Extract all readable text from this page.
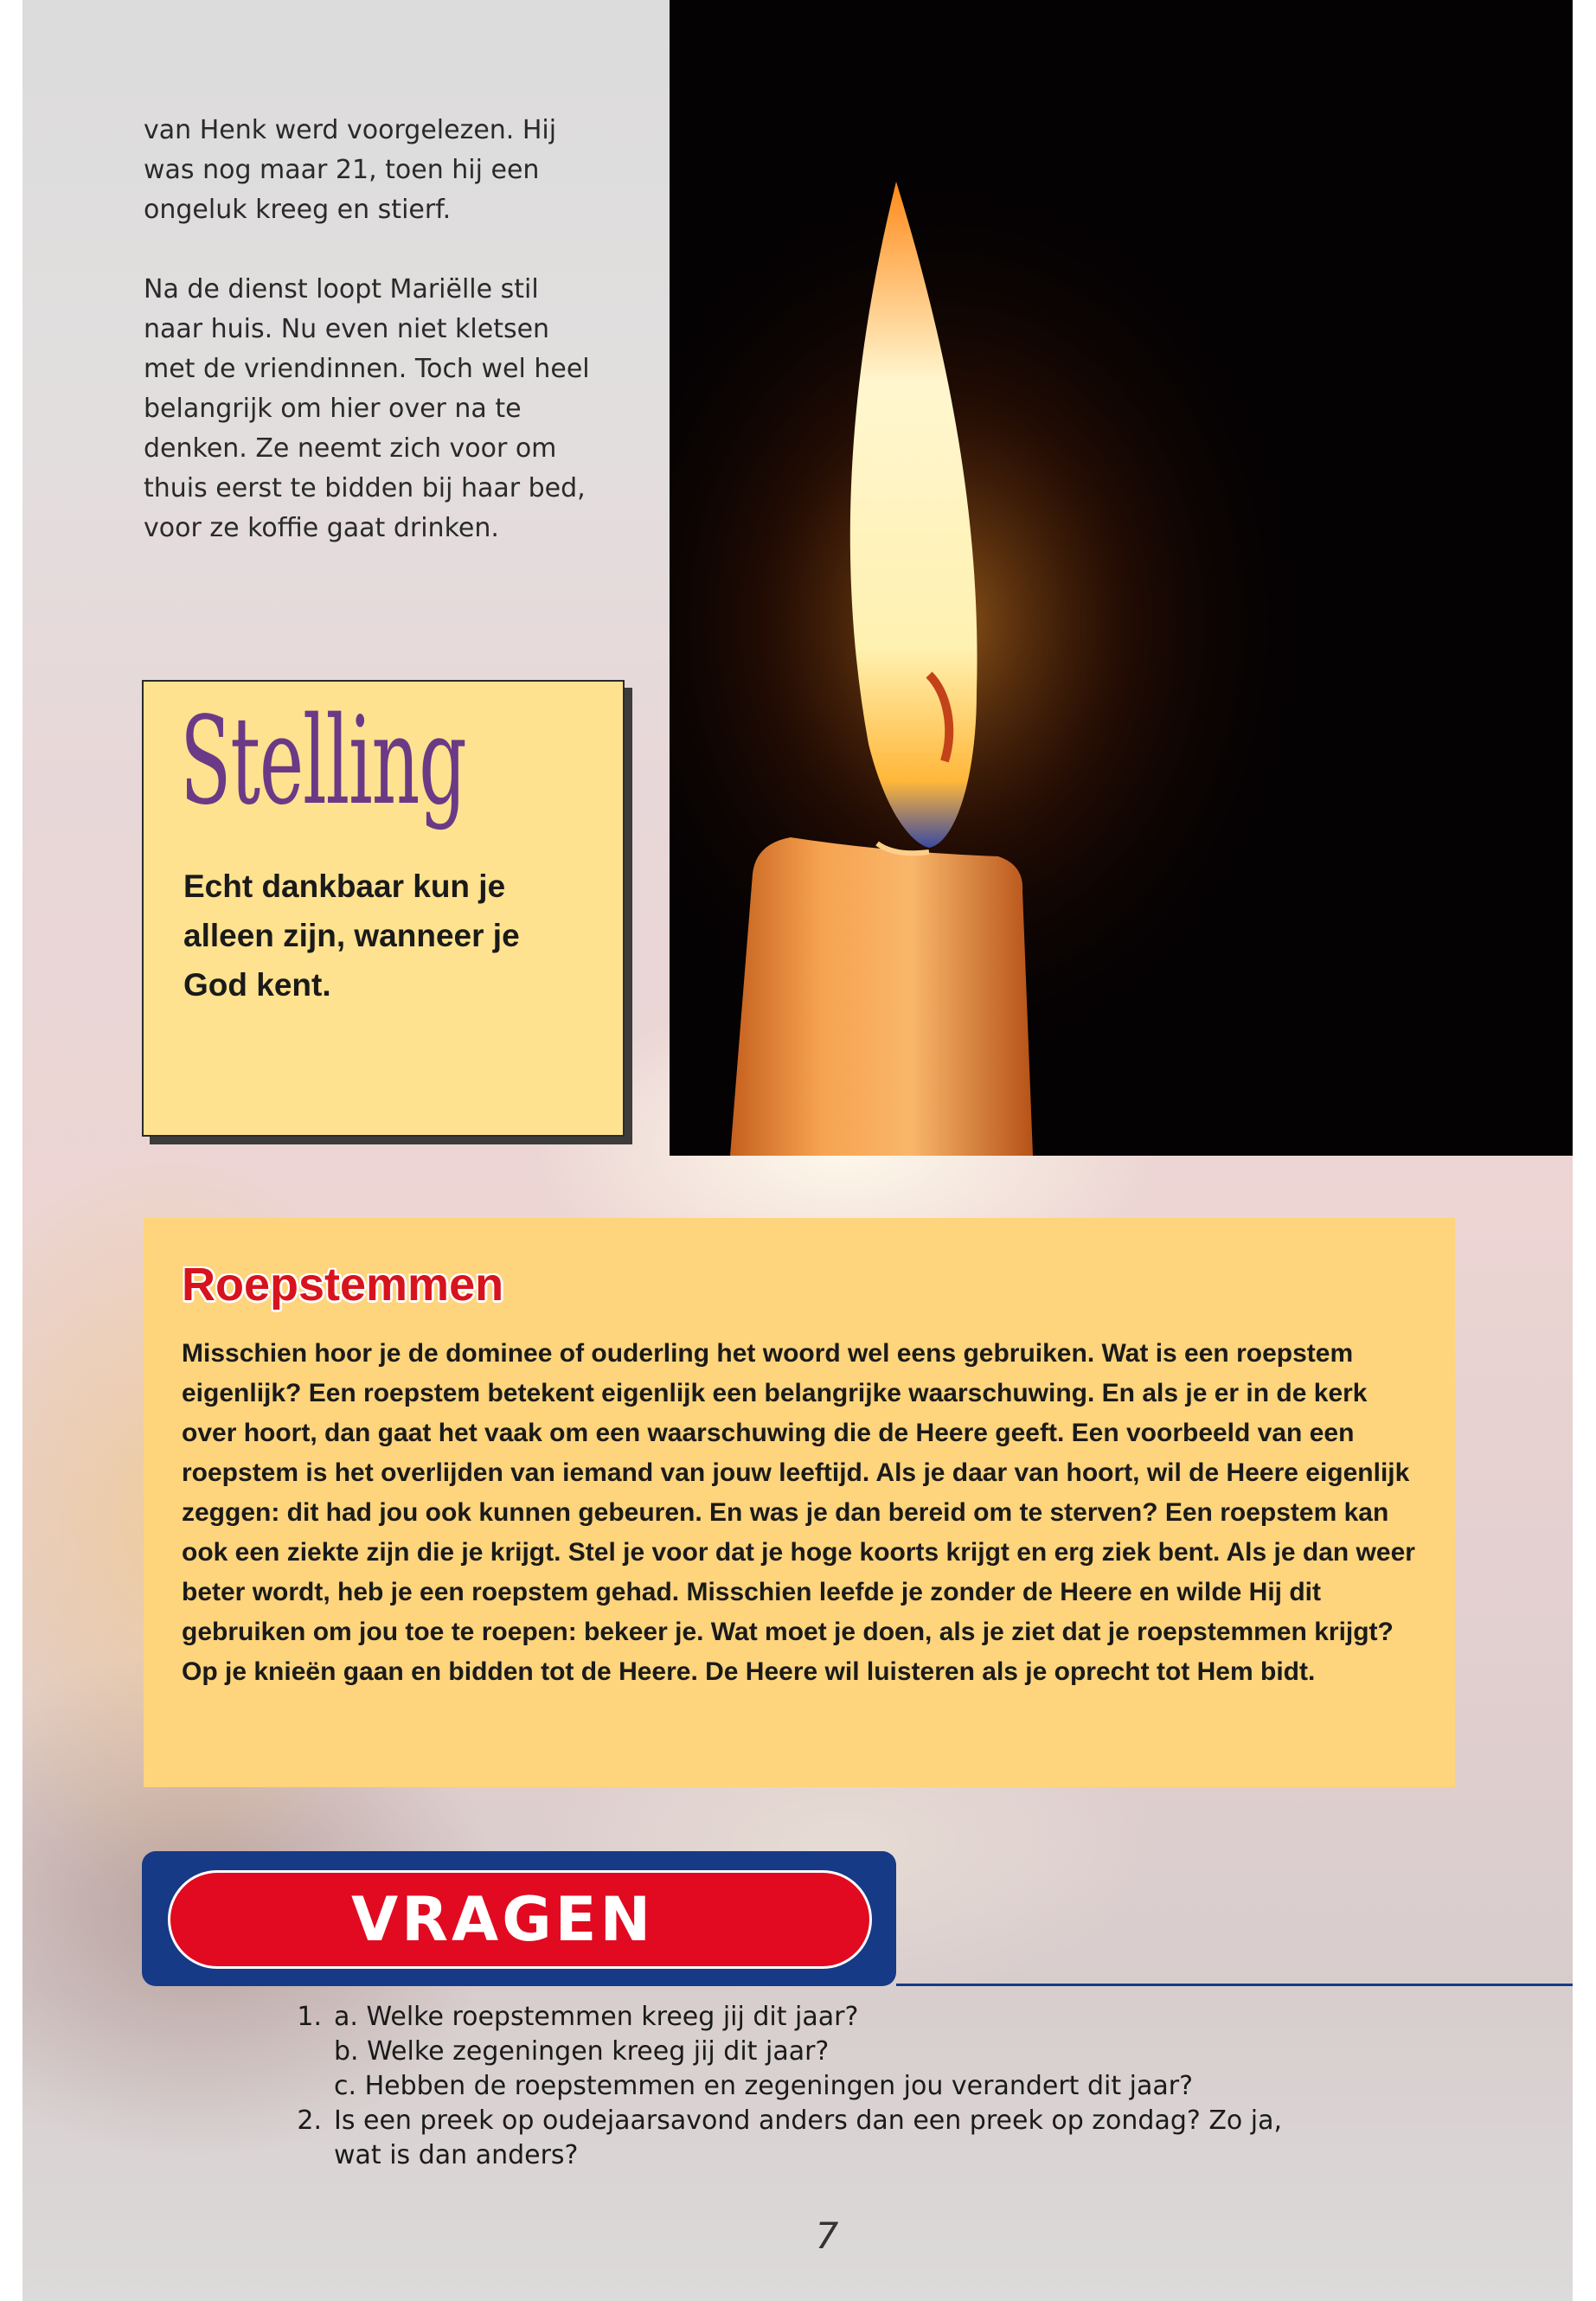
van Henk werd voorgelezen. Hij was nog maar 21, toen hij een ongeluk kreeg en stierf.

Na de dienst loopt Mariëlle stil naar huis. Nu even niet kletsen met de vriendinnen. Toch wel heel belangrijk om hier over na te denken. Ze neemt zich voor om thuis eerst te bidden bij haar bed, voor ze koffie gaat drinken.

Stelling
Echt dankbaar kun je alleen zijn, wanneer je God kent.
Roepstemmen
Misschien hoor je de dominee of ouderling het woord wel eens gebruiken. Wat is een roepstem eigenlijk? Een roepstem betekent eigenlijk een belangrijke waarschuwing. En als je er in de kerk over hoort, dan gaat het vaak om een waarschuwing die de Heere geeft. Een voorbeeld van een roepstem is het overlijden van iemand van jouw leeftijd. Als je daar van hoort, wil de Heere eigenlijk zeggen: dit had jou ook kunnen gebeuren. En was je dan bereid om te sterven? Een roepstem kan ook een ziekte zijn die je krijgt. Stel je voor dat je hoge koorts krijgt en erg ziek bent. Als je dan weer beter wordt, heb je een roepstem gehad. Misschien leefde je zonder de Heere en wilde Hij dit gebruiken om jou toe te roepen: bekeer je. Wat moet je doen, als je ziet dat je roepstemmen krijgt? Op je knieën gaan en bidden tot de Heere. De Heere wil luisteren als je oprecht tot Hem bidt.
VRAGEN
1. a. Welke roepstemmen kreeg jij dit jaar?
b. Welke zegeningen kreeg jij dit jaar?
c. Hebben de roepstemmen en zegeningen jou verandert dit jaar?
2. Is een preek op oudejaarsavond anders dan een preek op zondag? Zo ja, wat is dan anders?
7
